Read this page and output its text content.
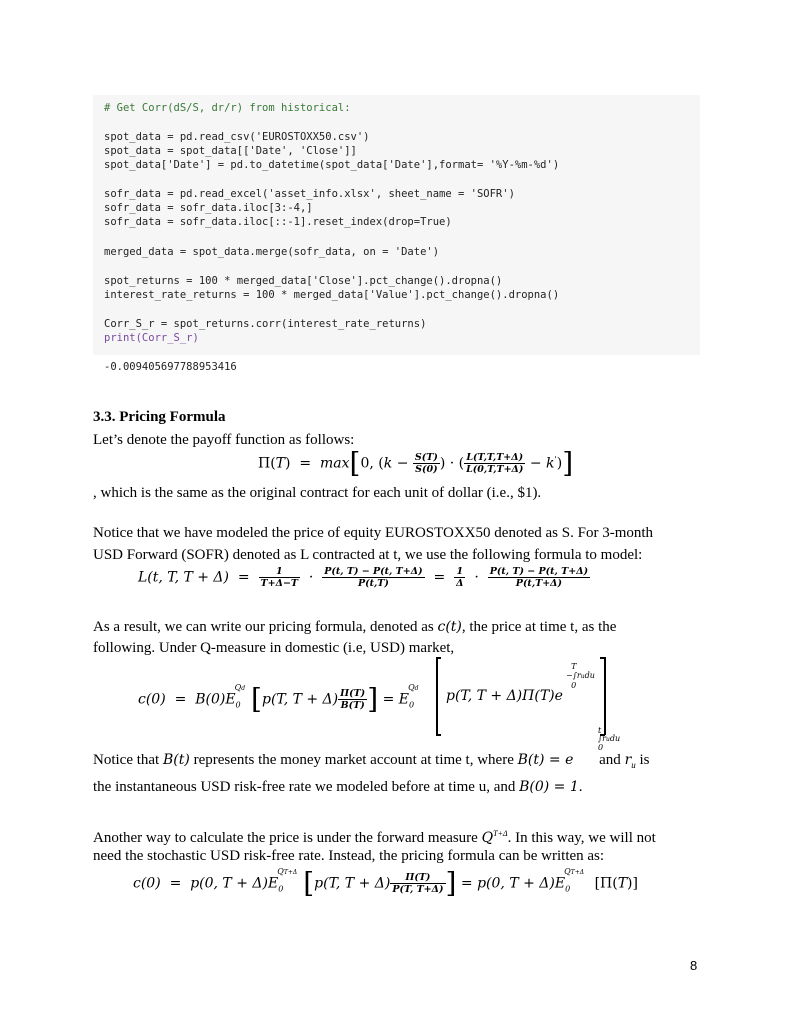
# Get Corr(dS/S, dr/r) from historical:
spot_data = pd.read_csv('EUROSTOXX50.csv')
spot_data = spot_data[['Date', 'Close']]
spot_data['Date'] = pd.to_datetime(spot_data['Date'],format= '%Y-%m-%d')
sofr_data = pd.read_excel('asset_info.xlsx', sheet_name = 'SOFR')
sofr_data = sofr_data.iloc[3:-4,]
sofr_data = sofr_data.iloc[::-1].reset_index(drop=True)
merged_data = spot_data.merge(sofr_data, on = 'Date')
spot_returns = 100 * merged_data['Close'].pct_change().dropna()
interest_rate_returns = 100 * merged_data['Value'].pct_change().dropna()
Corr_S_r = spot_returns.corr(interest_rate_returns)
print(Corr_S_r)
-0.009405697788953416
3.3. Pricing Formula
Let’s denote the payoff function as follows:
Π(T)  =  max[0, ($k - \frac{S(T)}{S(0)}$ ) · ( $\frac{L(T,T,T+\Delta)}{L(0,T,T+\Delta)} - k'$)]
, which is the same as the original contract for each unit of dollar (i.e., $1).
Notice that we have modeled the price of equity EUROSTOXX50 denoted as S. For 3-month
USD Forward (SOFR) denoted as L contracted at t, we use the following formula to model:
L(t, T, $T + \Delta) = \frac{1}{T+\Delta-T} \cdot \frac{P(t, T) - P(t, T+\Delta)}{P(t,T)} = \frac{1}{\Delta} \cdot \frac{P(t, T) - P(t, T+\Delta)}{P(t,T+\Delta)}$
As a result, we can write our pricing formula, denoted as c(t), the price at time t, as the
following. Under Q-measure in domestic (i.e, USD) market,
$c(0) = B(0)E_0^{Qd}$ [p(T, $T + \Delta) \frac{\Pi(T)}{B(T)}$ ] = $E_0^{Qd}$	p(T, T + Δ)Π(T)e
T
−∫rudu
0
t
∫rudu
0
Notice that B(t) represents the money market account at time t, where B(t) = e and $r_u$ is
the instantaneous USD risk-free rate we modeled before at time u, and B(0) = 1.
Another way to calculate the price is under the forward measure $Q^{T+\Delta}$. In this way, we will not
need the stochastic USD risk-free rate. Instead, the pricing formula can be written as:
c(0)  =  p(0, $T + \Delta)E_0^{QT+\Delta}$ [p(T, $T + \Delta) \frac{\Pi(T)}{P(T, T+\Delta)}$ ] = p(0, $T + \Delta)E_0^{QT+\Delta}$ [Π(T)]
8
